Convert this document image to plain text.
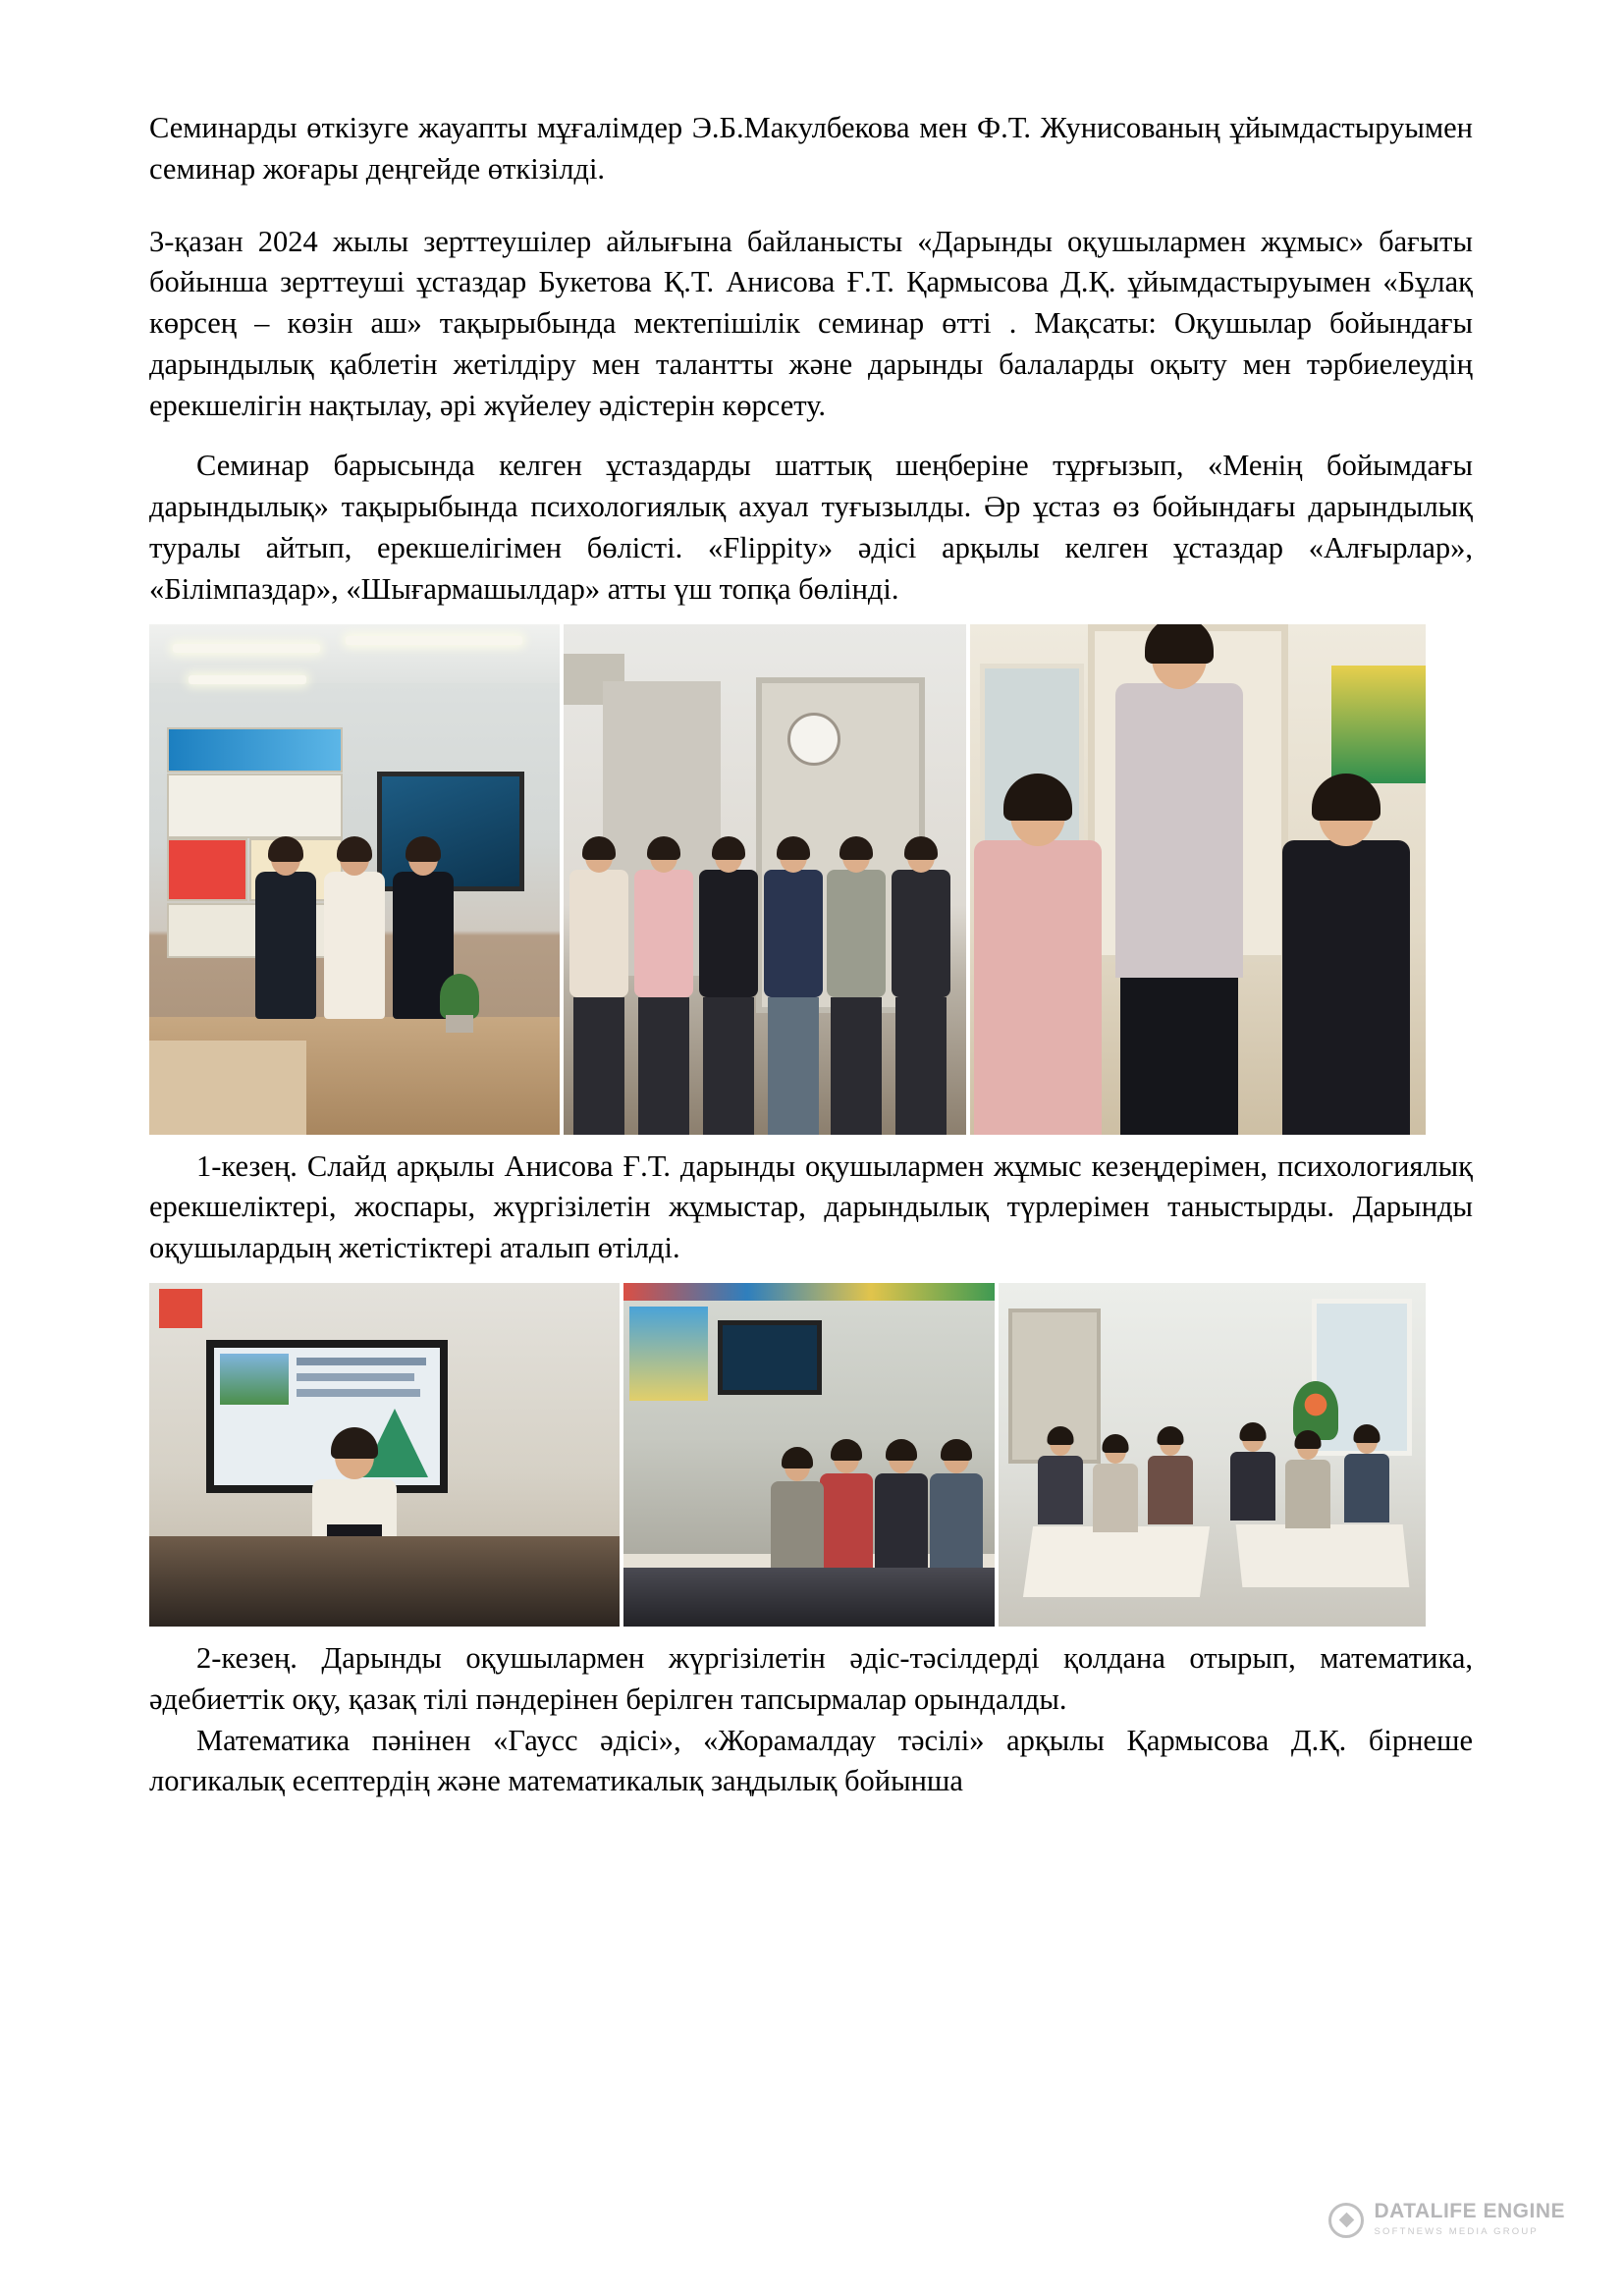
Семинарды өткізуге жауапты мұғалімдер Э.Б.Макулбекова мен Ф.Т. Жунисованың ұйымдастыруымен семинар жоғары деңгейде өткізілді.

3-қазан 2024 жылы зерттеушілер айлығына байланысты «Дарынды оқушылармен жұмыс» бағыты бойынша зерттеуші ұстаздар Букетова Қ.Т. Анисова Ғ.Т. Қармысова Д.Қ. ұйымдастыруымен «Бұлақ көрсең – көзін аш» тақырыбында мектепішілік семинар өтті . Мақсаты: Оқушылар бойындағы дарындылық қаблетін жетілдіру мен талантты және дарынды балаларды оқыту мен тәрбиелеудің ерекшелігін нақтылау, әрі жүйелеу әдістерін көрсету.

Семинар барысында келген ұстаздарды шаттық шеңберіне тұрғызып, «Менің бойымдағы дарындылық» тақырыбында психологиялық ахуал туғызылды. Әр ұстаз өз бойындағы дарындылық туралы айтып, ерекшелігімен бөлісті. «Flippity» әдісі арқылы келген ұстаздар «Алғырлар», «Білімпаздар», «Шығармашылдар» атты үш топқа бөлінді.

1-кезең. Слайд арқылы Анисова Ғ.Т. дарынды оқушылармен жұмыс кезеңдерімен, психологиялық ерекшеліктері, жоспары, жүргізілетін жұмыстар, дарындылық түрлерімен таныстырды. Дарынды оқушылардың жетістіктері аталып өтілді.

2-кезең. Дарынды оқушылармен жүргізілетін әдіс-тәсілдерді қолдана отырып, математика, әдебиеттік оқу, қазақ тілі пәндерінен берілген тапсырмалар орындалды.

Математика пәнінен «Гаусс әдісі», «Жорамалдау тәсілі» арқылы Қармысова Д.Қ. бірнеше логикалық есептердің және математикалық заңдылық бойынша

DATALIFE ENGINE
SOFTNEWS MEDIA GROUP
